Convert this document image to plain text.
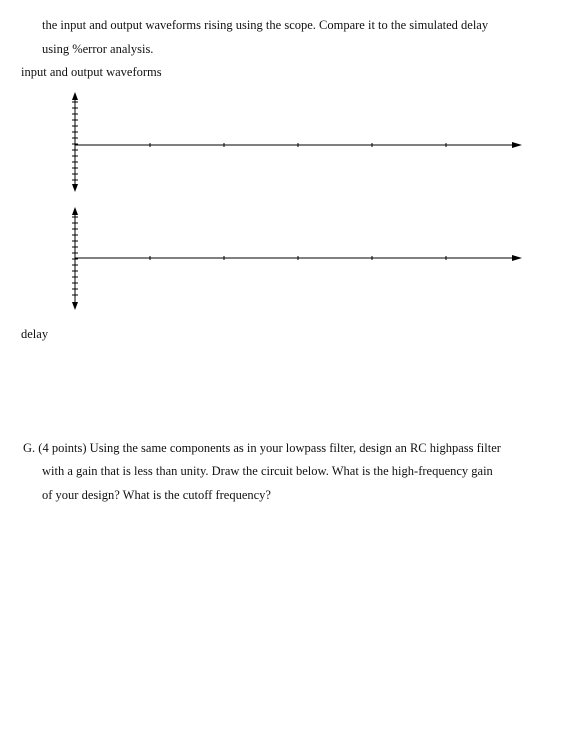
the input and output waveforms rising using the scope. Compare it to the simulated delay
using %error analysis.
input and output waveforms
delay
G. (4 points) Using the same components as in your lowpass filter, design an RC highpass filter
with a gain that is less than unity. Draw the circuit below. What is the high-frequency gain
of your design? What is the cutoff frequency?
